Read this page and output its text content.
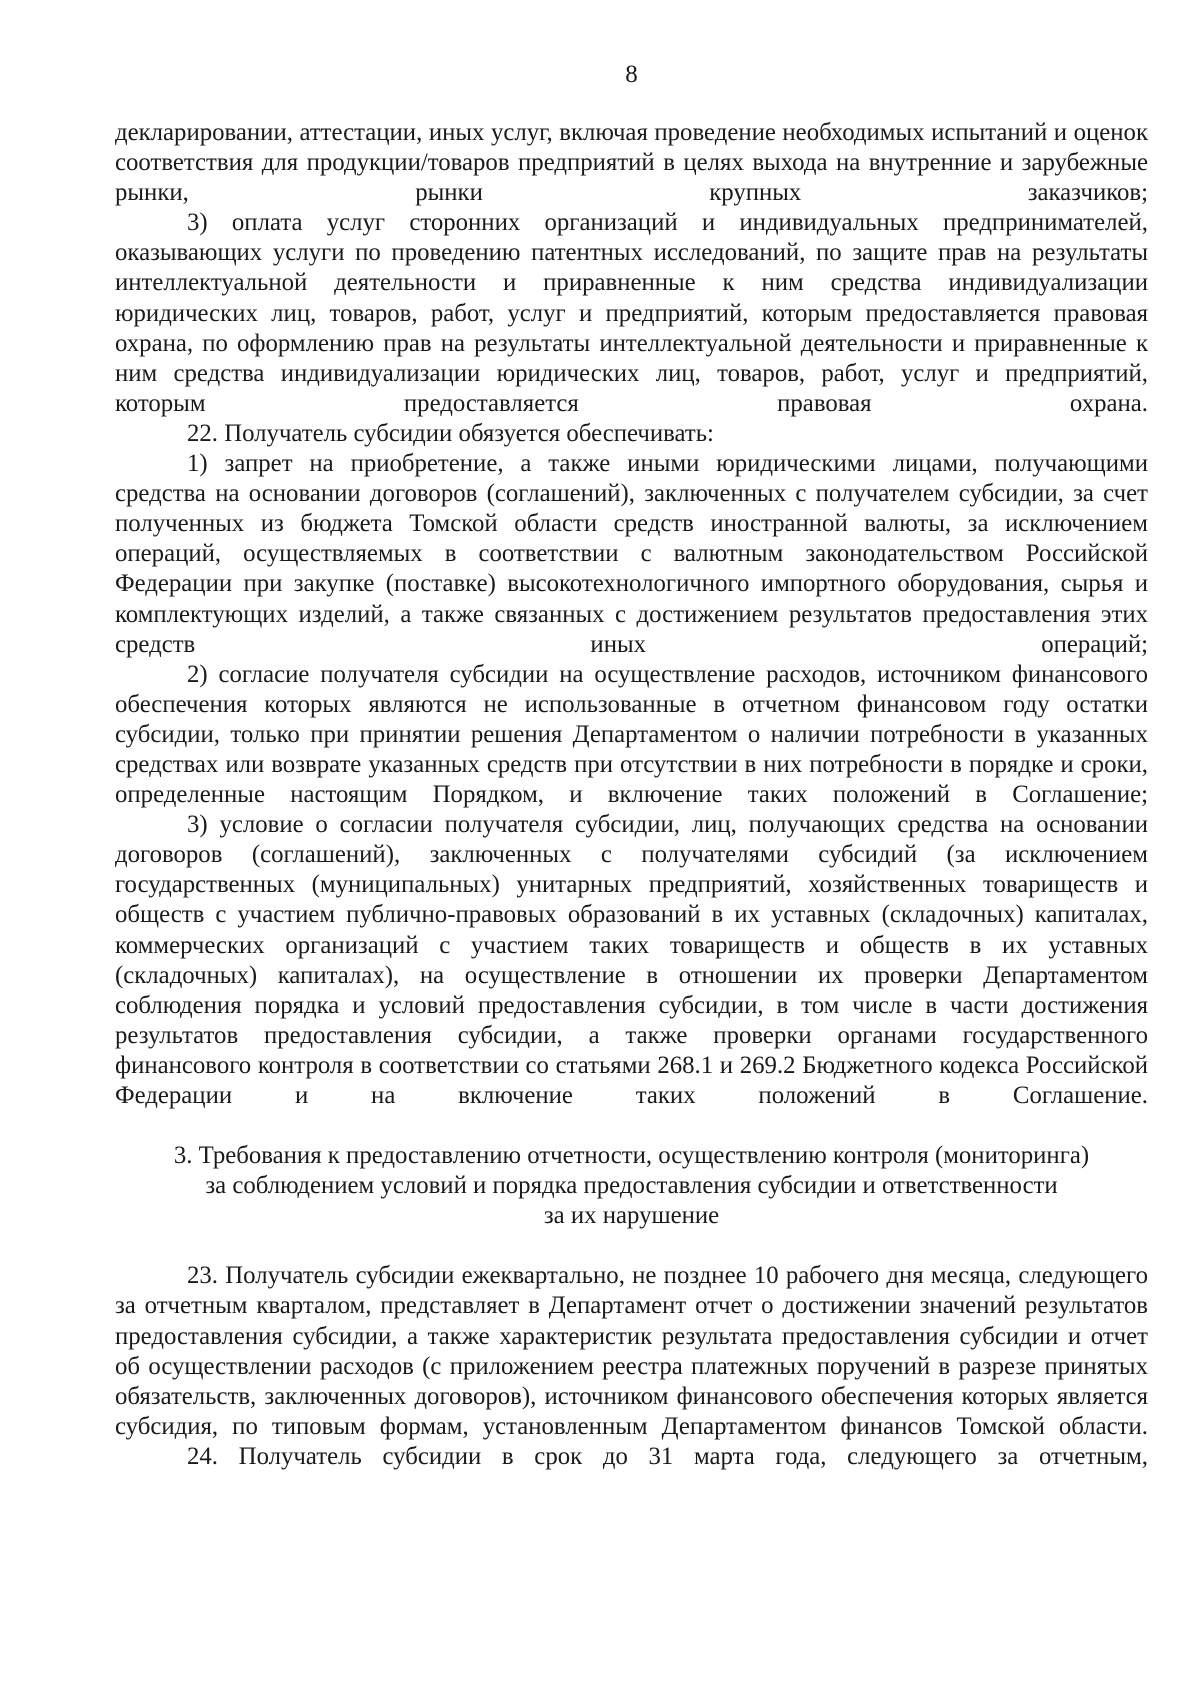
8

декларировании, аттестации, иных услуг, включая проведение необходимых испытаний и оценок соответствия для продукции/товаров предприятий в целях выхода на внутренние и зарубежные рынки, рынки крупных заказчиков;

3) оплата услуг сторонних организаций и индивидуальных предпринимателей, оказывающих услуги по проведению патентных исследований, по защите прав на результаты интеллектуальной деятельности и приравненные к ним средства индивидуализации юридических лиц, товаров, работ, услуг и предприятий, которым предоставляется правовая охрана, по оформлению прав на результаты интеллектуальной деятельности и приравненные к ним средства индивидуализации юридических лиц, товаров, работ, услуг и предприятий, которым предоставляется правовая охрана.

22. Получатель субсидии обязуется обеспечивать:

1) запрет на приобретение, а также иными юридическими лицами, получающими средства на основании договоров (соглашений), заключенных с получателем субсидии, за счет полученных из бюджета Томской области средств иностранной валюты, за исключением операций, осуществляемых в соответствии с валютным законодательством Российской Федерации при закупке (поставке) высокотехнологичного импортного оборудования, сырья и комплектующих изделий, а также связанных с достижением результатов предоставления этих средств иных операций;

2) согласие получателя субсидии на осуществление расходов, источником финансового обеспечения которых являются не использованные в отчетном финансовом году остатки субсидии, только при принятии решения Департаментом о наличии потребности в указанных средствах или возврате указанных средств при отсутствии в них потребности в порядке и сроки, определенные настоящим Порядком, и включение таких положений в Соглашение;

3) условие о согласии получателя субсидии, лиц, получающих средства на основании договоров (соглашений), заключенных с получателями субсидий (за исключением государственных (муниципальных) унитарных предприятий, хозяйственных товариществ и обществ с участием публично-правовых образований в их уставных (складочных) капиталах, коммерческих организаций с участием таких товариществ и обществ в их уставных (складочных) капиталах), на осуществление в отношении их проверки Департаментом соблюдения порядка и условий предоставления субсидии, в том числе в части достижения результатов предоставления субсидии, а также проверки органами государственного финансового контроля в соответствии со статьями 268.1 и 269.2 Бюджетного кодекса Российской Федерации и на включение таких положений в Соглашение.

3. Требования к предоставлению отчетности, осуществлению контроля (мониторинга)
за соблюдением условий и порядка предоставления субсидии и ответственности
за их нарушение

23. Получатель субсидии ежеквартально, не позднее 10 рабочего дня месяца, следующего за отчетным кварталом, представляет в Департамент отчет о достижении значений результатов предоставления субсидии, а также характеристик результата предоставления субсидии и отчет об осуществлении расходов (с приложением реестра платежных поручений в разрезе принятых обязательств, заключенных договоров), источником финансового обеспечения которых является субсидия, по типовым формам, установленным Департаментом финансов Томской области.

24. Получатель субсидии в срок до 31 марта года, следующего за отчетным,
